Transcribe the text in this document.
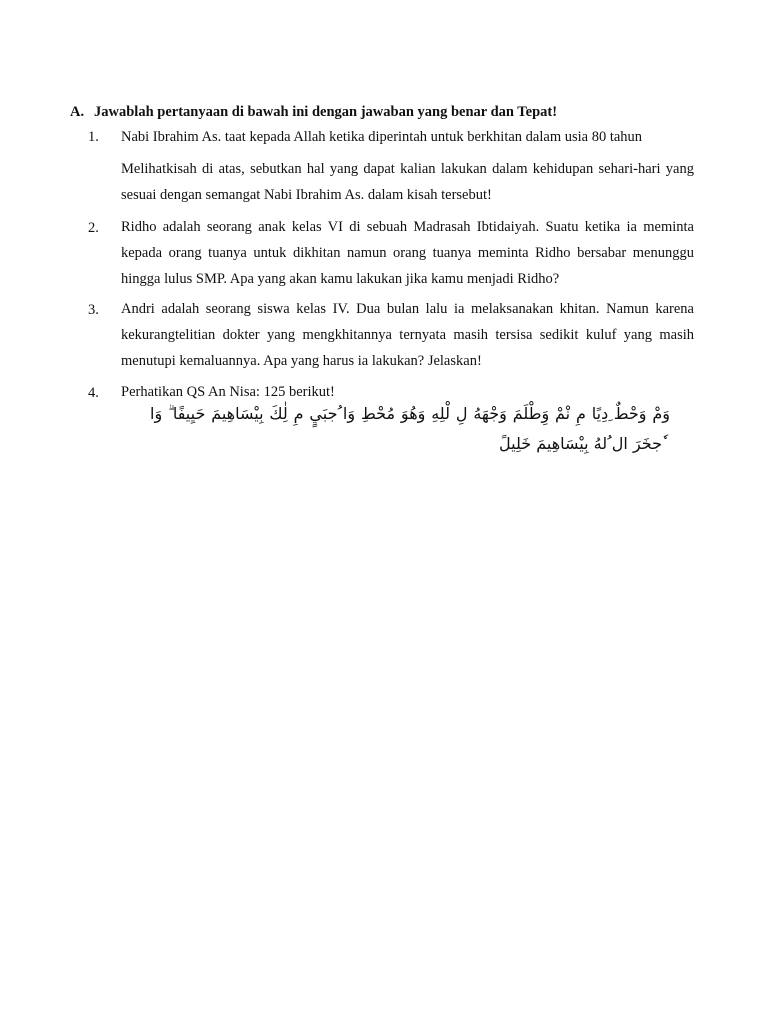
A. Jawablah pertanyaan di bawah ini dengan jawaban yang benar dan Tepat!
1. Nabi Ibrahim As. taat kepada Allah ketika diperintah untuk berkhitan dalam usia 80 tahun
Melihatkisah di atas, sebutkan hal yang dapat kalian lakukan dalam kehidupan sehari-hari yang sesuai dengan semangat Nabi Ibrahim As. dalam kisah tersebut!
2. Ridho adalah seorang anak kelas VI di sebuah Madrasah Ibtidaiyah. Suatu ketika ia meminta kepada orang tuanya untuk dikhitan namun orang tuanya meminta Ridho bersabar menunggu hingga lulus SMP. Apa yang akan kamu lakukan jika kamu menjadi Ridho?
3. Andri adalah seorang siswa kelas IV. Dua bulan lalu ia melaksanakan khitan. Namun karena kekurangtelitian dokter yang mengkhitannya ternyata masih tersisa sedikit kuluf yang masih menutupi kemaluannya. Apa yang harus ia lakukan? Jelaskan!
4. Perhatikan QS An Nisa: 125 berikut!
وَمْ وَحْطٌ ِدِيًا مِ نْمْ وَِطْلَمَ وَجْهَهُ لِ لْلِهِ وَهُوَ مُحْطِ وَا ُجبَيٍ مِ لِٰكَ بِيْسَاهِيمَ حَيِيفًا ۗ وَا
ٗجخَرَ ال ُلهُ بِيْسَاهِيمَ خَلِيلً
